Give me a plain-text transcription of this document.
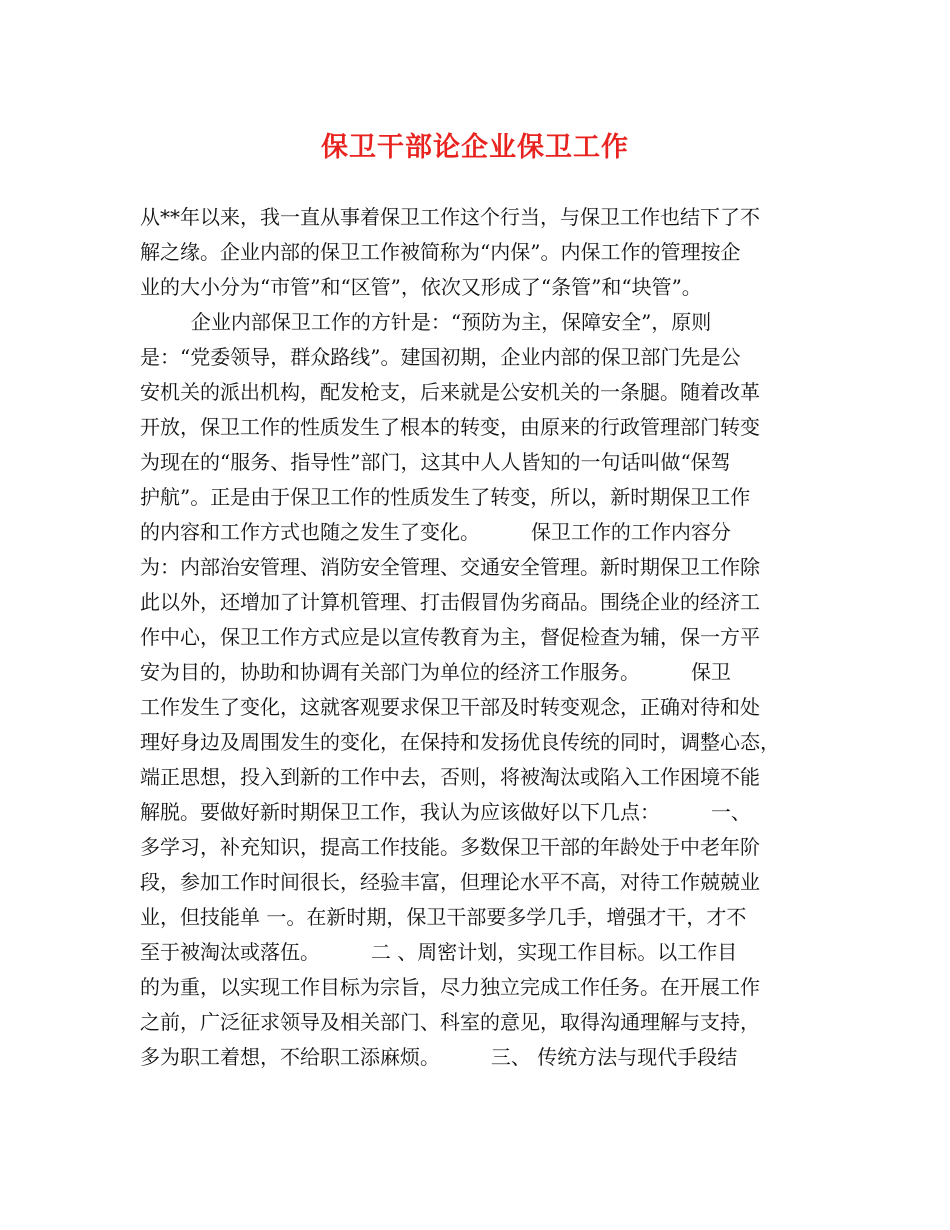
保卫干部论企业保卫工作
从**年以来，我一直从事着保卫工作这个行当，与保卫工作也结下了不
解之缘。企业内部的保卫工作被简称为“内保”。内保工作的管理按企
业的大小分为“市管”和“区管”，依次又形成了“条管”和“块管”。
企业内部保卫工作的方针是：“预防为主，保障安全”，原则
是：“党委领导，群众路线”。建国初期，企业内部的保卫部门先是公
安机关的派出机构，配发枪支，后来就是公安机关的一条腿。随着改革
开放，保卫工作的性质发生了根本的转变，由原来的行政管理部门转变
为现在的“服务、指导性”部门，这其中人人皆知的一句话叫做“保驾
护航”。正是由于保卫工作的性质发生了转变，所以，新时期保卫工作
的内容和工作方式也随之发生了变化。        保卫工作的工作内容分
为：内部治安管理、消防安全管理、交通安全管理。新时期保卫工作除
此以外，还增加了计算机管理、打击假冒伪劣商品。围绕企业的经济工
作中心，保卫工作方式应是以宣传教育为主，督促检查为辅，保一方平
安为目的，协助和协调有关部门为单位的经济工作服务。        保卫
工作发生了变化，这就客观要求保卫干部及时转变观念，正确对待和处
理好身边及周围发生的变化，在保持和发扬优良传统的同时，调整心态，
端正思想，投入到新的工作中去，否则，将被淘汰或陷入工作困境不能
解脱。要做好新时期保卫工作，我认为应该做好以下几点：        一、
多学习，补充知识，提高工作技能。多数保卫干部的年龄处于中老年阶
段，参加工作时间很长，经验丰富，但理论水平不高，对待工作兢兢业
业，但技能单 一。在新时期，保卫干部要多学几手，增强才干，才不
至于被淘汰或落伍。        二 、周密计划，实现工作目标。以工作目
的为重，以实现工作目标为宗旨，尽力独立完成工作任务。在开展工作
之前，广泛征求领导及相关部门、科室的意见，取得沟通理解与支持，
多为职工着想，不给职工添麻烦。        三、 传统方法与现代手段结
